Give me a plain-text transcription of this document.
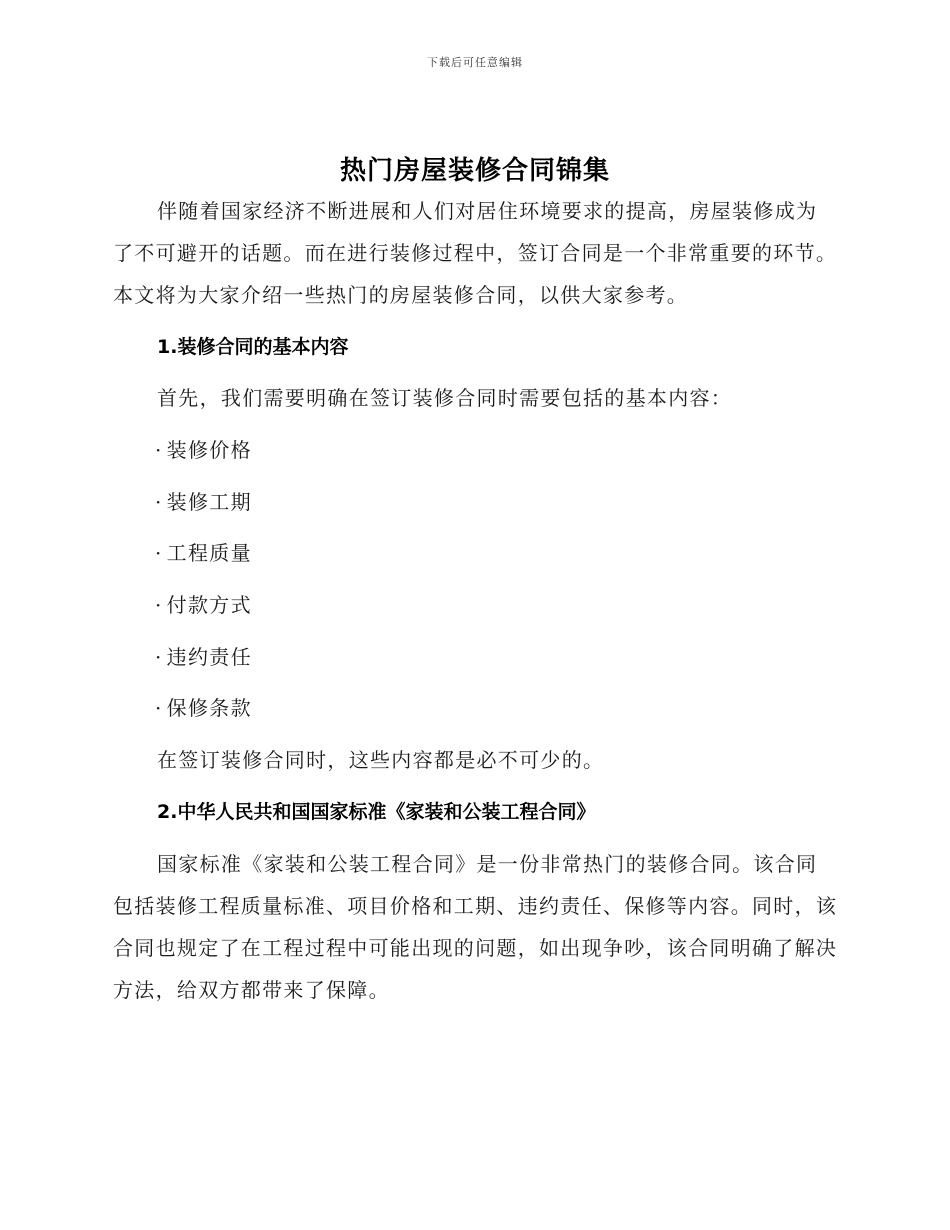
下载后可任意编辑
热门房屋装修合同锦集

伴随着国家经济不断进展和人们对居住环境要求的提高，房屋装修成为了不可避开的话题。而在进行装修过程中，签订合同是一个非常重要的环节。本文将为大家介绍一些热门的房屋装修合同，以供大家参考。

1.装修合同的基本内容
首先，我们需要明确在签订装修合同时需要包括的基本内容：
· 装修价格
· 装修工期
· 工程质量
· 付款方式
· 违约责任
· 保修条款
在签订装修合同时，这些内容都是必不可少的。
2.中华人民共和国国家标准《家装和公装工程合同》

国家标准《家装和公装工程合同》是一份非常热门的装修合同。该合同包括装修工程质量标准、项目价格和工期、违约责任、保修等内容。同时，该合同也规定了在工程过程中可能出现的问题，如出现争吵，该合同明确了解决方法，给双方都带来了保障。
